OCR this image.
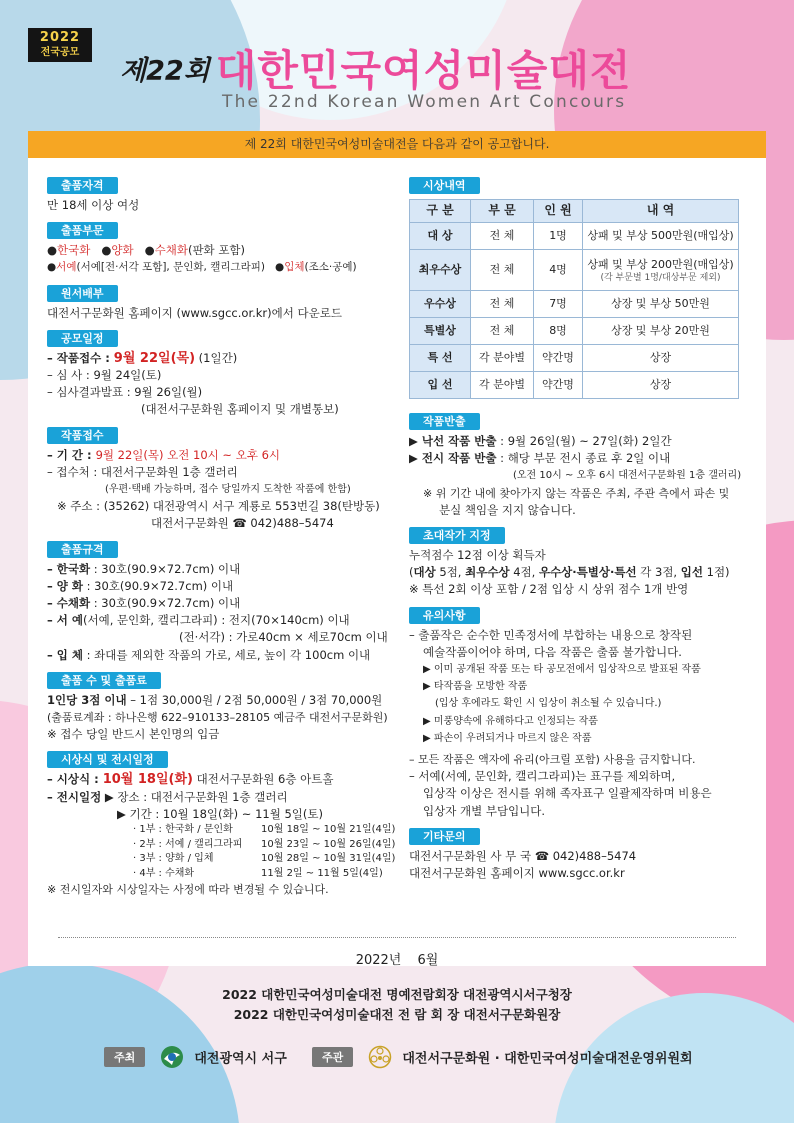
2022
전국공모
제22회 대한민국여성미술대전
The 22nd Korean Women Art Concours
제 22회 대한민국여성미술대전을 다음과 같이 공고합니다.
출품자격
만 18세 이상 여성
출품부문
●한국화 ●양화 ●수채화(판화 포함)
●서예(서예[전·서각 포함], 문인화, 캘리그라피) ●입체(조소·공예)
원서배부
대전서구문화원 홈페이지 (www.sgcc.or.kr)에서 다운로드
공모일정
– 작품접수 : 9월 22일(목) (1일간)
– 심 사 : 9월 24일(토)
– 심사결과발표 : 9월 26일(월)
(대전서구문화원 홈페이지 및 개별통보)
작품접수
– 기 간 : 9월 22일(목) 오전 10시 ~ 오후 6시
– 접수처 : 대전서구문화원 1층 갤러리
(우편·택배 가능하며, 접수 당일까지 도착한 작품에 한함)
※ 주소 : (35262) 대전광역시 서구 계룡로 553번길 38(탄방동)
대전서구문화원 ☎ 042)488–5474
출품규격
– 한국화 : 30호(90.9×72.7cm) 이내
– 양 화 : 30호(90.9×72.7cm) 이내
– 수채화 : 30호(90.9×72.7cm) 이내
– 서 예(서예, 문인화, 캘리그라피) : 전지(70×140cm) 이내
(전·서각) : 가로40cm × 세로70cm 이내
– 입 체 : 좌대를 제외한 작품의 가로, 세로, 높이 각 100cm 이내
출품 수 및 출품료
1인당 3점 이내 – 1점 30,000원 / 2점 50,000원 / 3점 70,000원
(출품료계좌 : 하나은행 622–910133–28105 예금주 대전서구문화원)
※ 접수 당일 반드시 본인명의 입금
시상식 및 전시일정
– 시상식 : 10월 18일(화) 대전서구문화원 6층 아트홀
– 전시일정 ▶ 장소 : 대전서구문화원 1층 갤러리
▶ 기간 : 10월 18일(화) ~ 11월 5일(토)
· 1부 : 한국화 / 문인화	10월 18일 ~ 10월 21일(4일)
· 2부 : 서예 / 캘리그라피 10월 23일 ~ 10월 26일(4일)
· 3부 : 양화 / 입체	10월 28일 ~ 10월 31일(4일)
· 4부 : 수채화	11월 2일 ~ 11월 5일(4일)
※ 전시일자와 시상일자는 사정에 따라 변경될 수 있습니다.
시상내역
구 분	부 문	인 원	내 역
대 상	전 체	1명	상패 및 부상 500만원(매입상)
최우수상	전 체	4명	상패 및 부상 200만원(매입상)
(각 부문별 1명/대상부문 제외)

우수상	전 체	7명	상장 및 부상 50만원
특별상	전 체	8명	상장 및 부상 20만원
특 선	각 분야별	약간명	상장
입 선	각 분야별	약간명	상장
작품반출
▶ 낙선 작품 반출 : 9월 26일(월) ~ 27일(화) 2일간
▶ 전시 작품 반출 : 해당 부문 전시 종료 후 2일 이내
(오전 10시 ~ 오후 6시 대전서구문화원 1층 갤러리)
※ 위 기간 내에 찾아가지 않는 작품은 주최, 주관 측에서 파손 및
분실 책임을 지지 않습니다.
초대작가 지정
누적점수 12점 이상 획득자
(대상 5점, 최우수상 4점, 우수상·특별상·특선 각 3점, 입선 1점)
※ 특선 2회 이상 포함 / 2점 입상 시 상위 점수 1개 반영
유의사항
– 출품작은 순수한 민족정서에 부합하는 내용으로 창작된
예술작품이어야 하며, 다음 작품은 출품 불가합니다.
▶ 이미 공개된 작품 또는 타 공모전에서 입상작으로 발표된 작품
▶ 타작품을 모방한 작품
(입상 후에라도 확인 시 입상이 취소될 수 있습니다.)
▶ 미풍양속에 유해하다고 인정되는 작품
▶ 파손이 우려되거나 마르지 않은 작품
– 모든 작품은 액자에 유리(아크릴 포함) 사용을 금지합니다.
– 서예(서예, 문인화, 캘리그라피)는 표구를 제외하며,
입상작 이상은 전시를 위해 족자표구 일괄제작하며 비용은
입상자 개별 부담입니다.
기타문의
대전서구문화원 사 무 국 ☎ 042)488–5474
대전서구문화원 홈페이지 www.sgcc.or.kr
2022년 6월
2022 대한민국여성미술대전 명예전람회장 대전광역시서구청장
2022 대한민국여성미술대전 전 람 회 장 대전서구문화원장
주최	대전광역시 서구	주관	대전서구문화원 · 대한민국여성미술대전운영위원회
